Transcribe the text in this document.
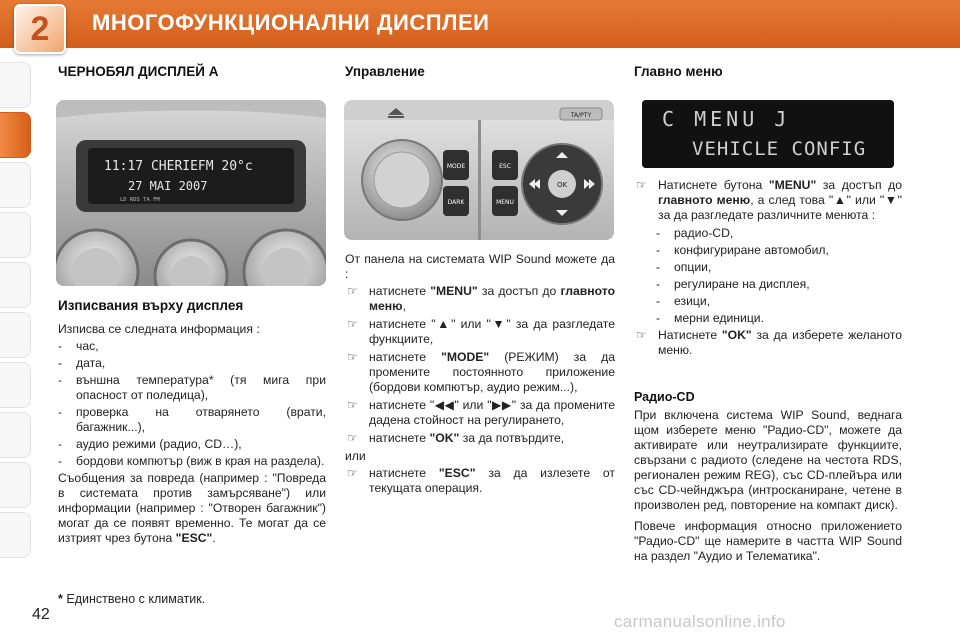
2	МНОГОФУНКЦИОНАЛНИ ДИСПЛЕИ
ЧЕРНОБЯЛ ДИСПЛЕЙ А
11:17 CHERIEFM 20°c
27 MAI 2007
LD RDS TA FM
Изписвания върху дисплея

Изписва се следната информация :

- час,
- дата,
- външна температура* (тя мига при опасност от поледица),
- проверка на отварянето (врати, багажник...),
- аудио режими (радио, CD…),
- бордови компютър (виж в края на раздела).

Съобщения за повреда (например : "Повреда в системата против замърсяване") или информации (например : "Отворен багажник") могат да се появят временно. Те могат да се изтрият чрез бутона "ESC".

* Единствено с климатик.
42
Управление
TA/PTY
MODE
DARK
ESC
MENU
OK

От панела на системата WIP Sound можете да :

☞ натиснете "MENU" за достъп до главното меню,
☞ натиснете "▲" или "▼" за да разгледате функциите,
☞ натиснете "MODE" (РЕЖИМ) за да промените постоянното приложение (бордови компютър, аудио режим...),
☞ натиснете "◀◀" или "▶▶" за да промените дадена стойност на регулирането,
☞ натиснете "OK" за да потвърдите,

или

☞ натиснете "ESC" за да излезете от текущата операция.
Главно меню
C MENU J
VEHICLE CONFIG
☞ Натиснете бутона "MENU" за достъп до главното меню, а след това "▲" или "▼" за да разгледате различните менюта :
- радио-CD,
- конфигуриране автомобил,
- опции,
- регулиране на дисплея,
- езици,
- мерни единици.
☞ Натиснете "OK" за да изберете желаното меню.
Радио-CD

При включена система WIP Sound, веднага щом изберете меню "Радио-CD", можете да активирате или неутрализирате функциите, свързани с радиото (следене на честота RDS, регионален режим REG), със CD-плейъра или със CD-чейнджъра (интросканиране, четене в произволен ред, повторение на компакт диск).

Повече информация относно приложението "Радио-CD" ще намерите в частта WIP Sound на раздел "Аудио и Телематика".

carmanualsonline.info
